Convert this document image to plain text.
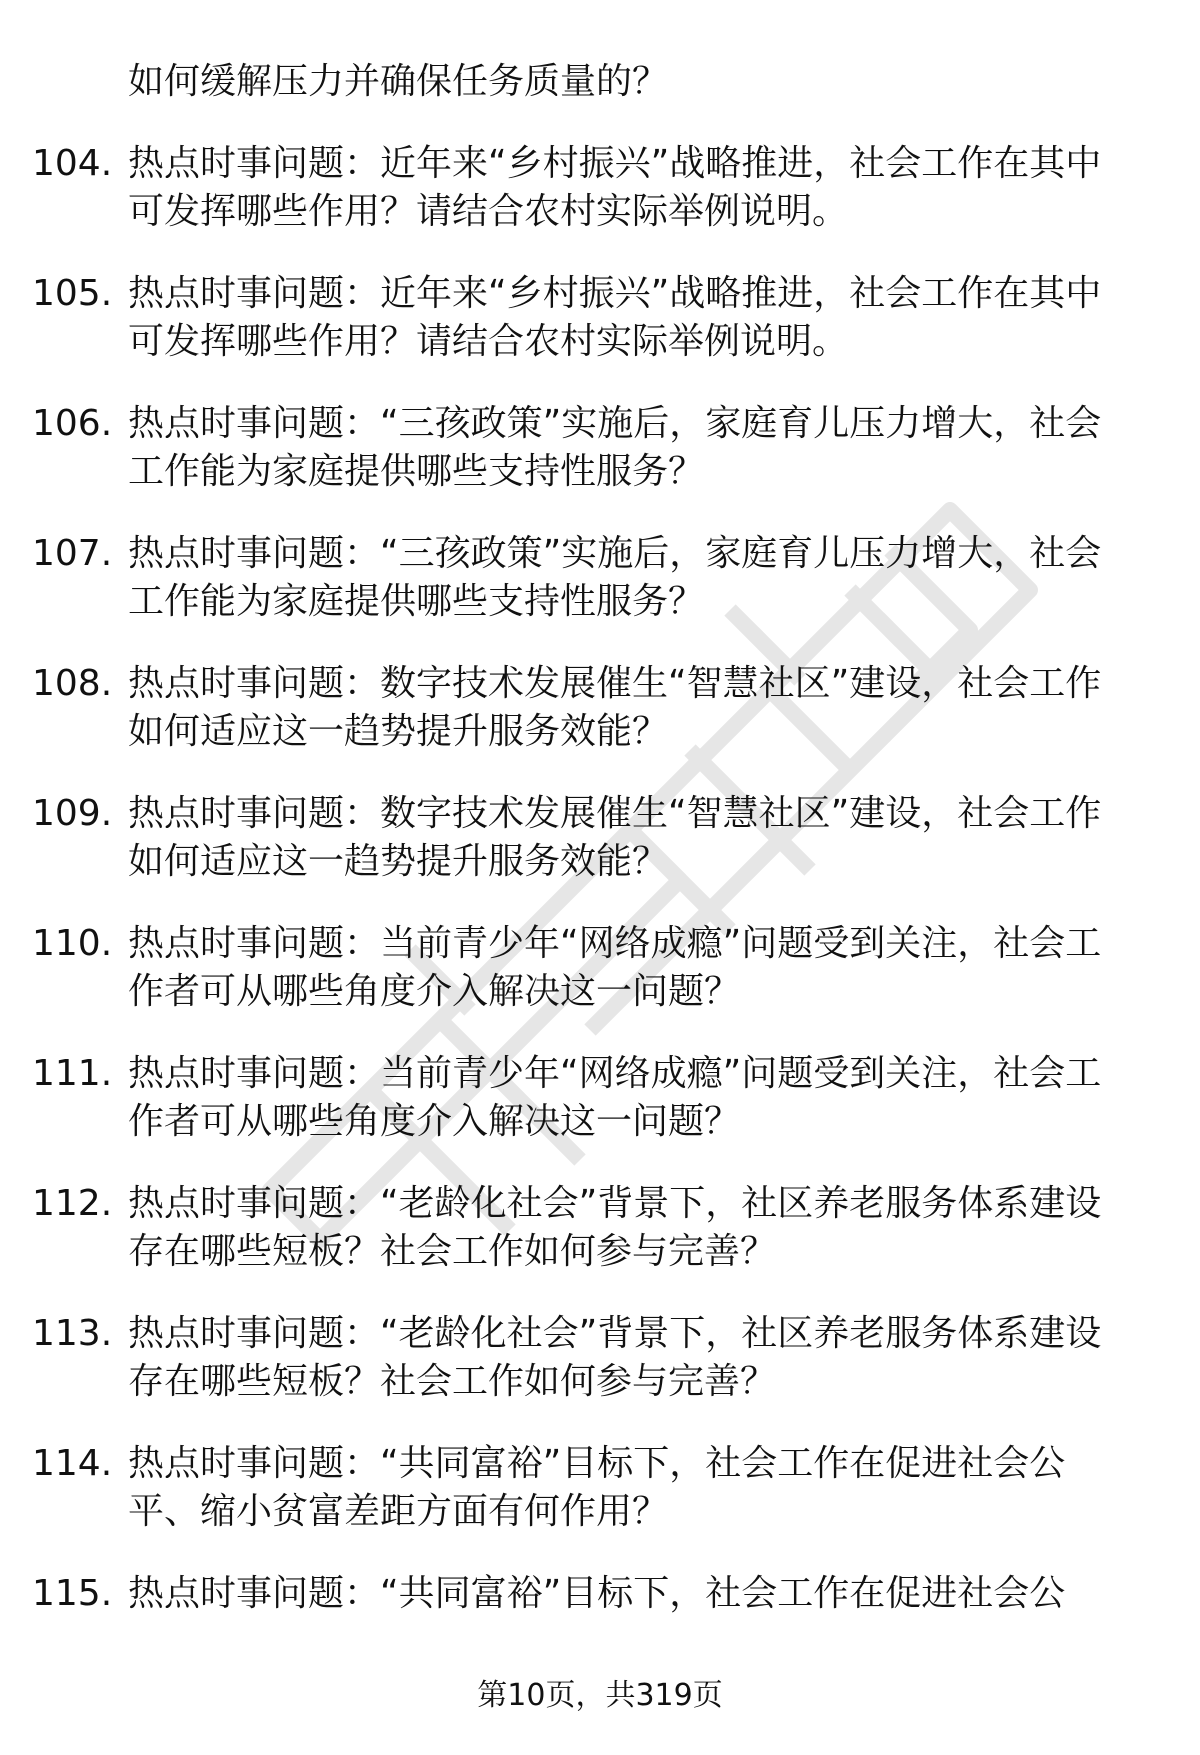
如何缓解压力并确保任务质量的？
104. 热点时事问题：近年来“乡村振兴”战略推进，社会工作在其中
可发挥哪些作用？请结合农村实际举例说明。
105. 热点时事问题：近年来“乡村振兴”战略推进，社会工作在其中
可发挥哪些作用？请结合农村实际举例说明。
106. 热点时事问题：“三孩政策”实施后，家庭育儿压力增大，社会
工作能为家庭提供哪些支持性服务？
107. 热点时事问题：“三孩政策”实施后，家庭育儿压力增大，社会
工作能为家庭提供哪些支持性服务？
108. 热点时事问题：数字技术发展催生“智慧社区”建设，社会工作
如何适应这一趋势提升服务效能？
109. 热点时事问题：数字技术发展催生“智慧社区”建设，社会工作
如何适应这一趋势提升服务效能？
110. 热点时事问题：当前青少年“网络成瘾”问题受到关注，社会工
作者可从哪些角度介入解决这一问题？
111. 热点时事问题：当前青少年“网络成瘾”问题受到关注，社会工
作者可从哪些角度介入解决这一问题？
112. 热点时事问题：“老龄化社会”背景下，社区养老服务体系建设
存在哪些短板？社会工作如何参与完善？
113. 热点时事问题：“老龄化社会”背景下，社区养老服务体系建设
存在哪些短板？社会工作如何参与完善？
114. 热点时事问题：“共同富裕”目标下，社会工作在促进社会公
平、缩小贫富差距方面有何作用？
115. 热点时事问题：“共同富裕”目标下，社会工作在促进社会公
第10页，共319页
